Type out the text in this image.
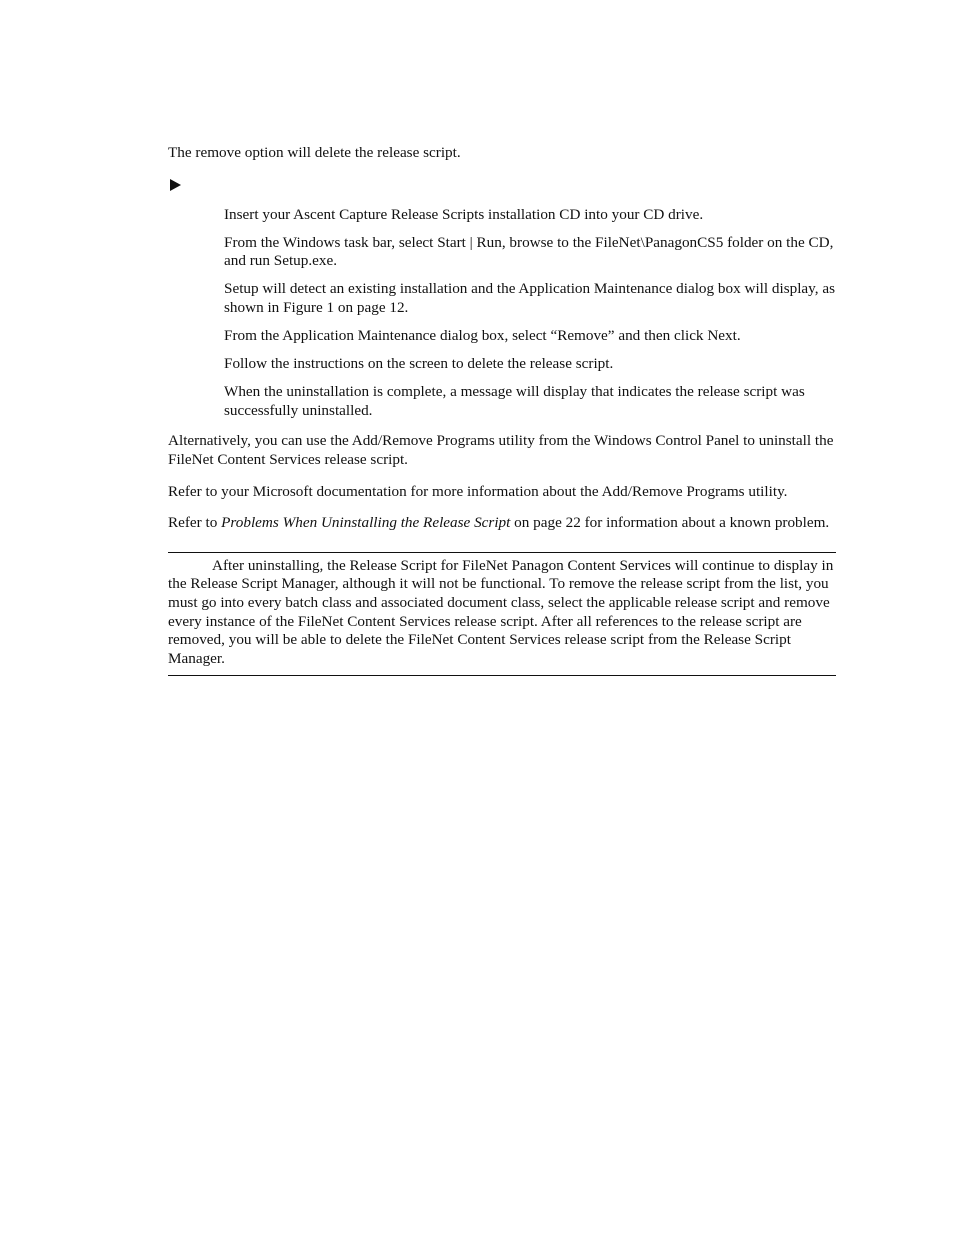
The remove option will delete the release script.

Insert your Ascent Capture Release Scripts installation CD into your CD drive.
From the Windows task bar, select Start | Run, browse to the FileNet\PanagonCS5 folder on the CD, and run Setup.exe.
Setup will detect an existing installation and the Application Maintenance dialog box will display, as shown in Figure 1 on page 12.
From the Application Maintenance dialog box, select “Remove” and then click Next.
Follow the instructions on the screen to delete the release script.
When the uninstallation is complete, a message will display that indicates the release script was successfully uninstalled.

Alternatively, you can use the Add/Remove Programs utility from the Windows Control Panel to uninstall the FileNet Content Services release script.

Refer to your Microsoft documentation for more information about the Add/Remove Programs utility.

Refer to Problems When Uninstalling the Release Script on page 22 for information about a known problem.

After uninstalling, the Release Script for FileNet Panagon Content Services will continue to display in the Release Script Manager, although it will not be functional. To remove the release script from the list, you must go into every batch class and associated document class, select the applicable release script and remove every instance of the FileNet Content Services release script. After all references to the release script are removed, you will be able to delete the FileNet Content Services release script from the Release Script Manager.
